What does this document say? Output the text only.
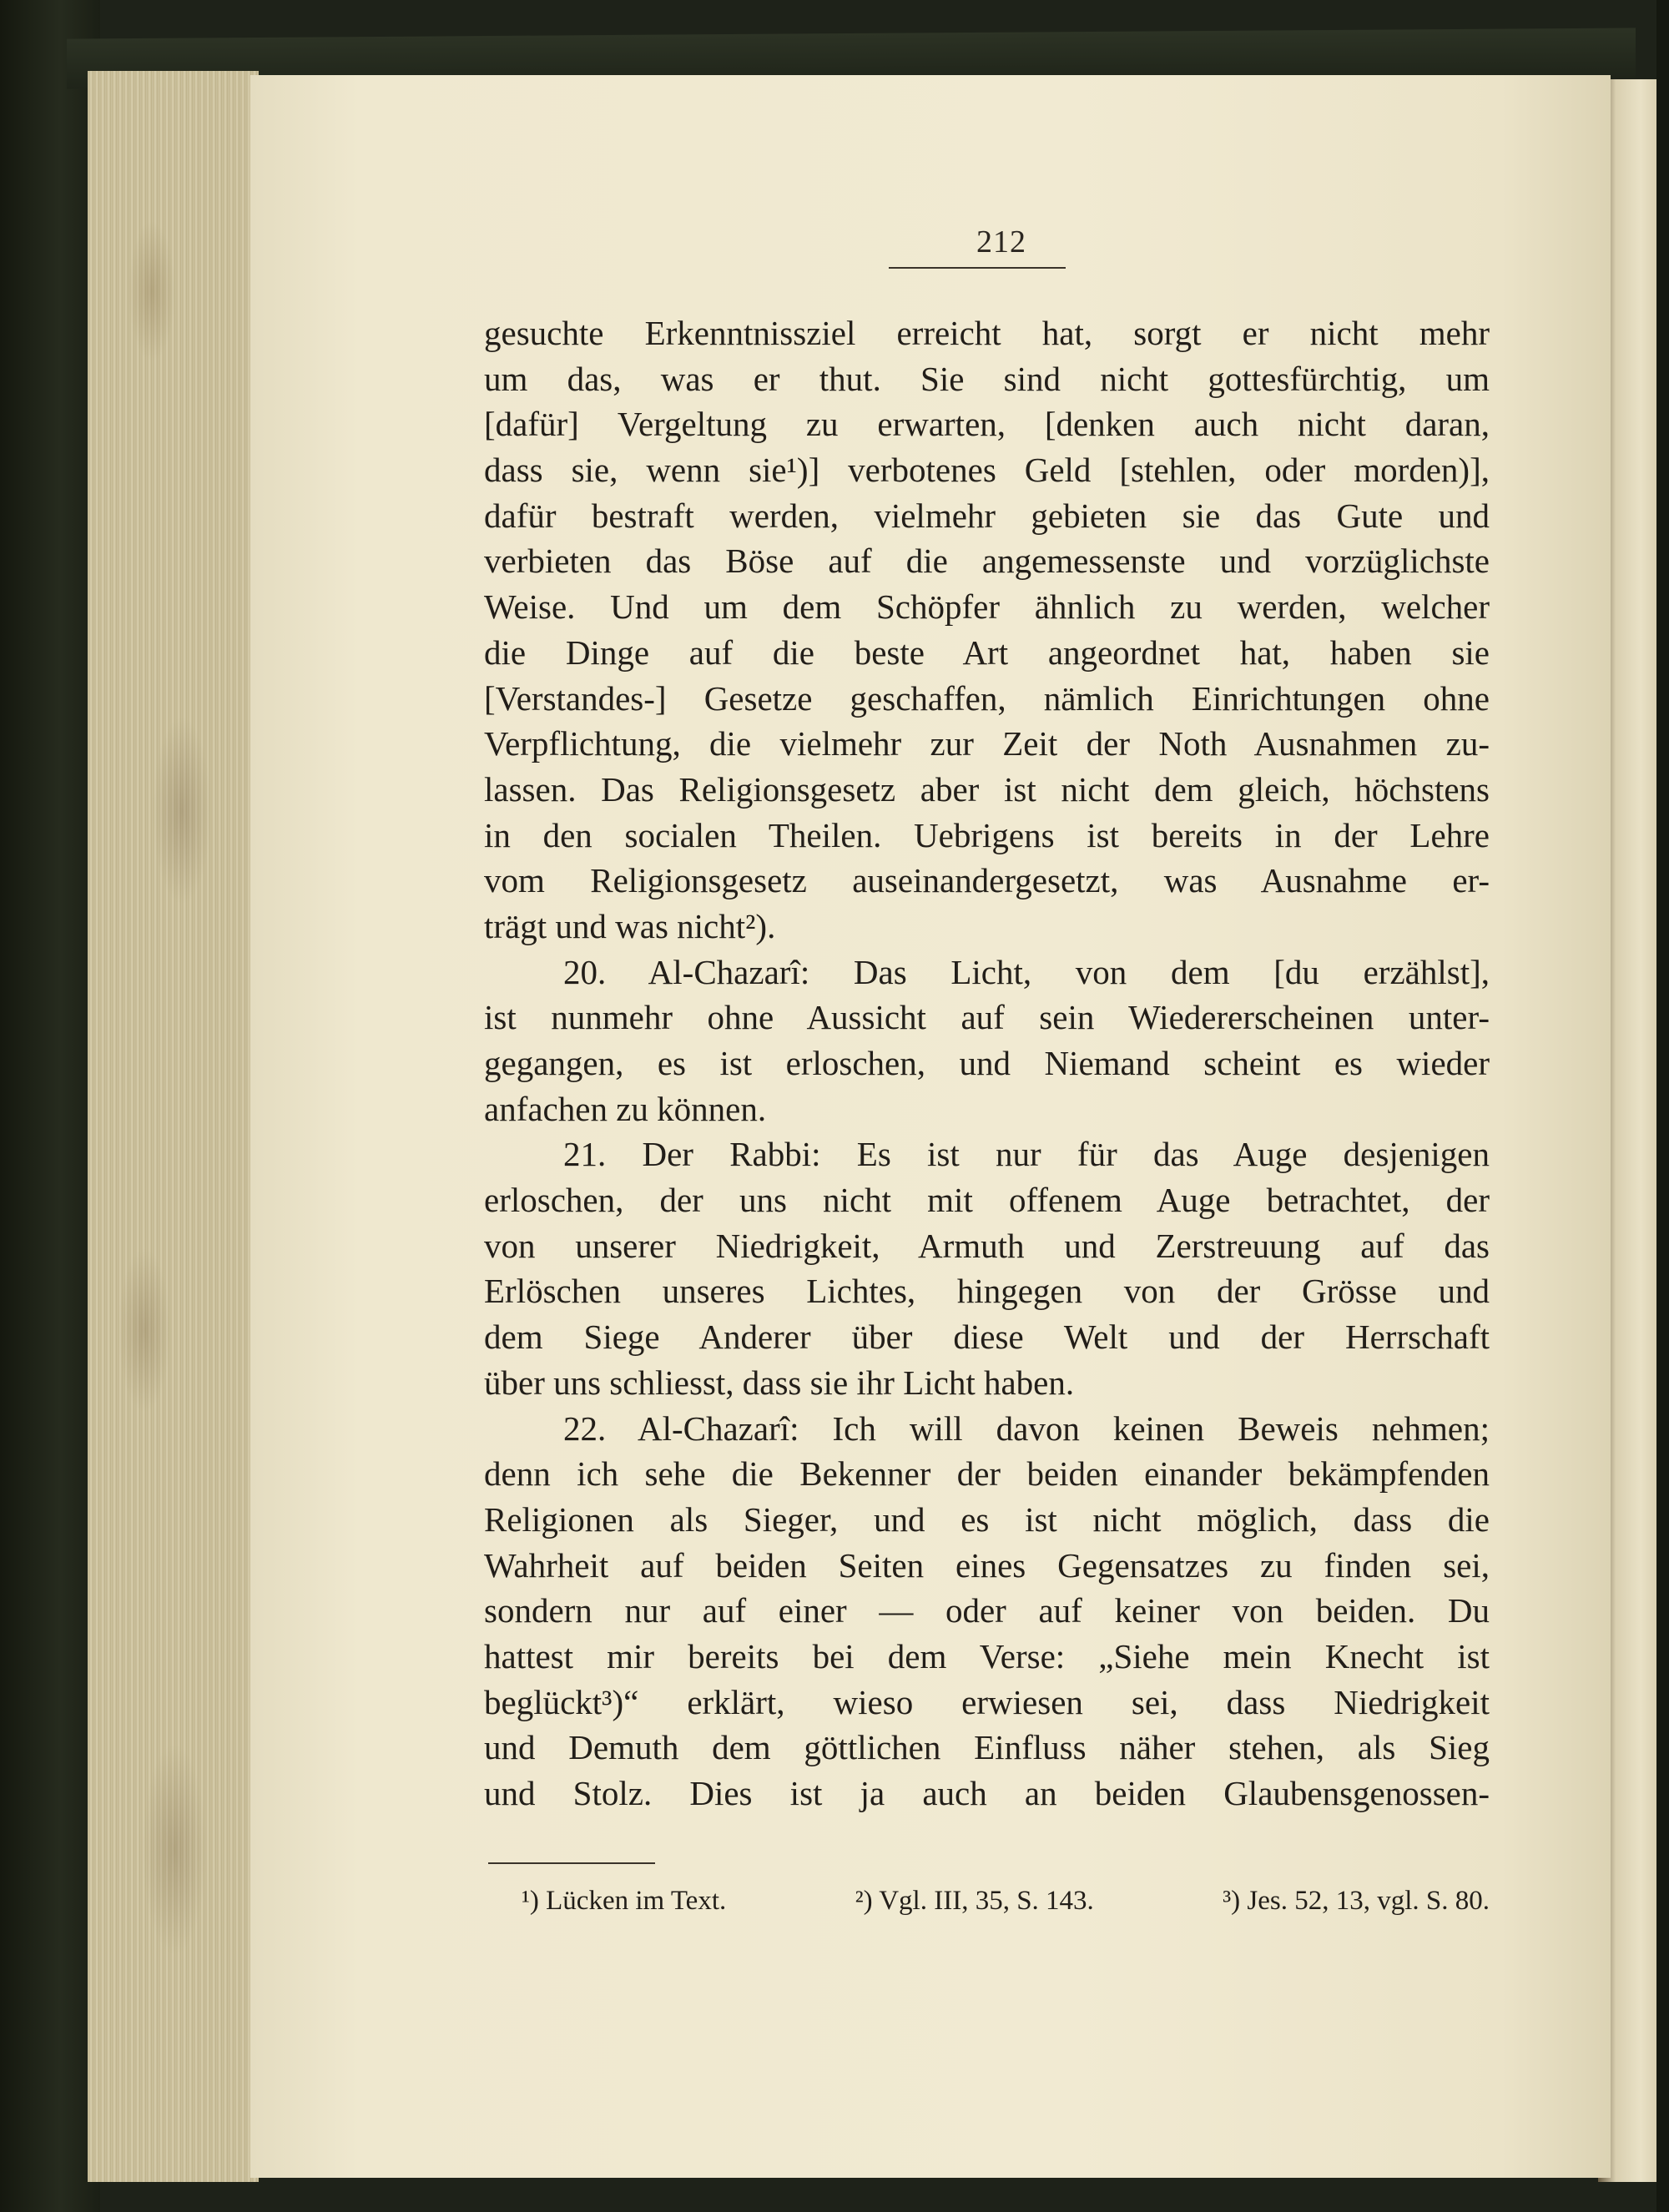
212
gesuchte Erkenntnissziel erreicht hat, sorgt er nicht mehr
um das, was er thut. Sie sind nicht gottesfürchtig, um
[dafür] Vergeltung zu erwarten, [denken auch nicht daran,
dass sie, wenn sie¹)] verbotenes Geld [stehlen, oder morden)],
dafür bestraft werden, vielmehr gebieten sie das Gute und
verbieten das Böse auf die angemessenste und vorzüglichste
Weise. Und um dem Schöpfer ähnlich zu werden, welcher
die Dinge auf die beste Art angeordnet hat, haben sie
[Verstandes-] Gesetze geschaffen, nämlich Einrichtungen ohne
Verpflichtung, die vielmehr zur Zeit der Noth Ausnahmen zu-
lassen. Das Religionsgesetz aber ist nicht dem gleich, höchstens
in den socialen Theilen. Uebrigens ist bereits in der Lehre
vom Religionsgesetz auseinandergesetzt, was Ausnahme er-
trägt und was nicht²).
20. Al-Chazarî: Das Licht, von dem [du erzählst],
ist nunmehr ohne Aussicht auf sein Wiedererscheinen unter-
gegangen, es ist erloschen, und Niemand scheint es wieder
anfachen zu können.
21. Der Rabbi: Es ist nur für das Auge desjenigen
erloschen, der uns nicht mit offenem Auge betrachtet, der
von unserer Niedrigkeit, Armuth und Zerstreuung auf das
Erlöschen unseres Lichtes, hingegen von der Grösse und
dem Siege Anderer über diese Welt und der Herrschaft
über uns schliesst, dass sie ihr Licht haben.
22. Al-Chazarî: Ich will davon keinen Beweis nehmen;
denn ich sehe die Bekenner der beiden einander bekämpfenden
Religionen als Sieger, und es ist nicht möglich, dass die
Wahrheit auf beiden Seiten eines Gegensatzes zu finden sei,
sondern nur auf einer — oder auf keiner von beiden. Du
hattest mir bereits bei dem Verse: „Siehe mein Knecht ist
beglückt³)“ erklärt, wieso erwiesen sei, dass Niedrigkeit
und Demuth dem göttlichen Einfluss näher stehen, als Sieg
und Stolz. Dies ist ja auch an beiden Glaubensgenossen-
¹) Lücken im Text.	²) Vgl. III, 35, S. 143.	³) Jes. 52, 13, vgl. S. 80.
